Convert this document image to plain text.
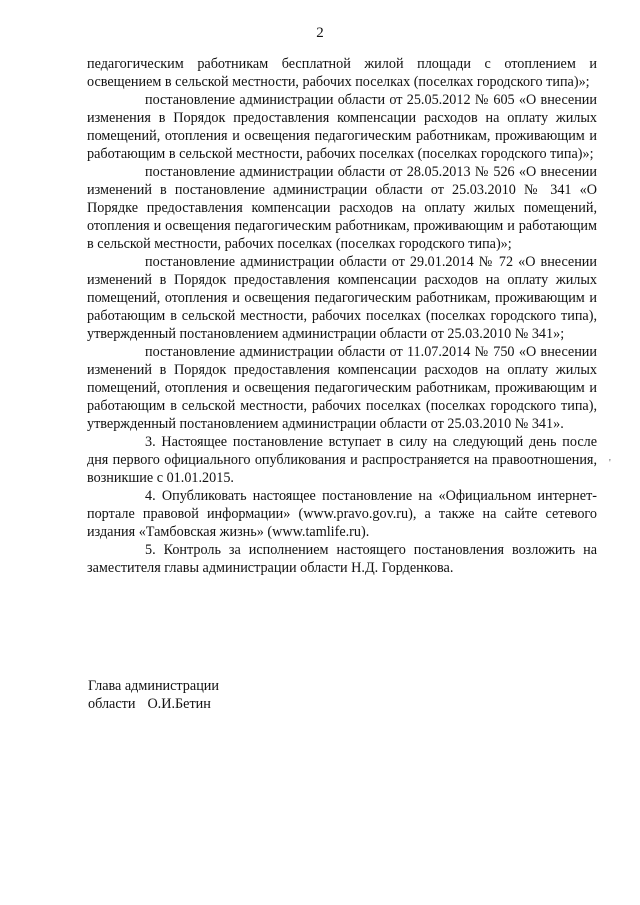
2

педагогическим работникам бесплатной жилой площади с отоплением и освещением в сельской местности, рабочих поселках (поселках городского типа)»;

постановление администрации области от 25.05.2012 № 605 «О внесении изменения в Порядок предоставления компенсации расходов на оплату жилых помещений, отопления и освещения педагогическим работникам, проживающим и работающим в сельской местности, рабочих поселках (поселках городского типа)»;

постановление администрации области от 28.05.2013 № 526 «О внесении изменений в постановление администрации области от 25.03.2010 № 341 «О Порядке предоставления компенсации расходов на оплату жилых помещений, отопления и освещения педагогическим работникам, проживающим и работающим в сельской местности, рабочих поселках (поселках городского типа)»;

постановление администрации области от 29.01.2014 № 72 «О внесении изменений в Порядок предоставления компенсации расходов на оплату жилых помещений, отопления и освещения педагогическим работникам, проживающим и работающим в сельской местности, рабочих поселках (поселках городского типа), утвержденный постановлением администрации области от 25.03.2010 № 341»;

постановление администрации области от 11.07.2014 № 750 «О внесении изменений в Порядок предоставления компенсации расходов на оплату жилых помещений, отопления и освещения педагогическим работникам, проживающим и работающим в сельской местности, рабочих поселках (поселках городского типа), утвержденный постановлением администрации области от 25.03.2010 № 341».

3. Настоящее постановление вступает в силу на следующий день после дня первого официального опубликования и распространяется на правоотношения, возникшие с 01.01.2015.

4. Опубликовать настоящее постановление на «Официальном интернет-портале правовой информации» (www.pravo.gov.ru), а также на сайте сетевого издания «Тамбовская жизнь» (www.tamlife.ru).

5. Контроль за исполнением настоящего постановления возложить на заместителя главы администрации области Н.Д. Горденкова.

Глава администрации
области О.И.Бетин
'
